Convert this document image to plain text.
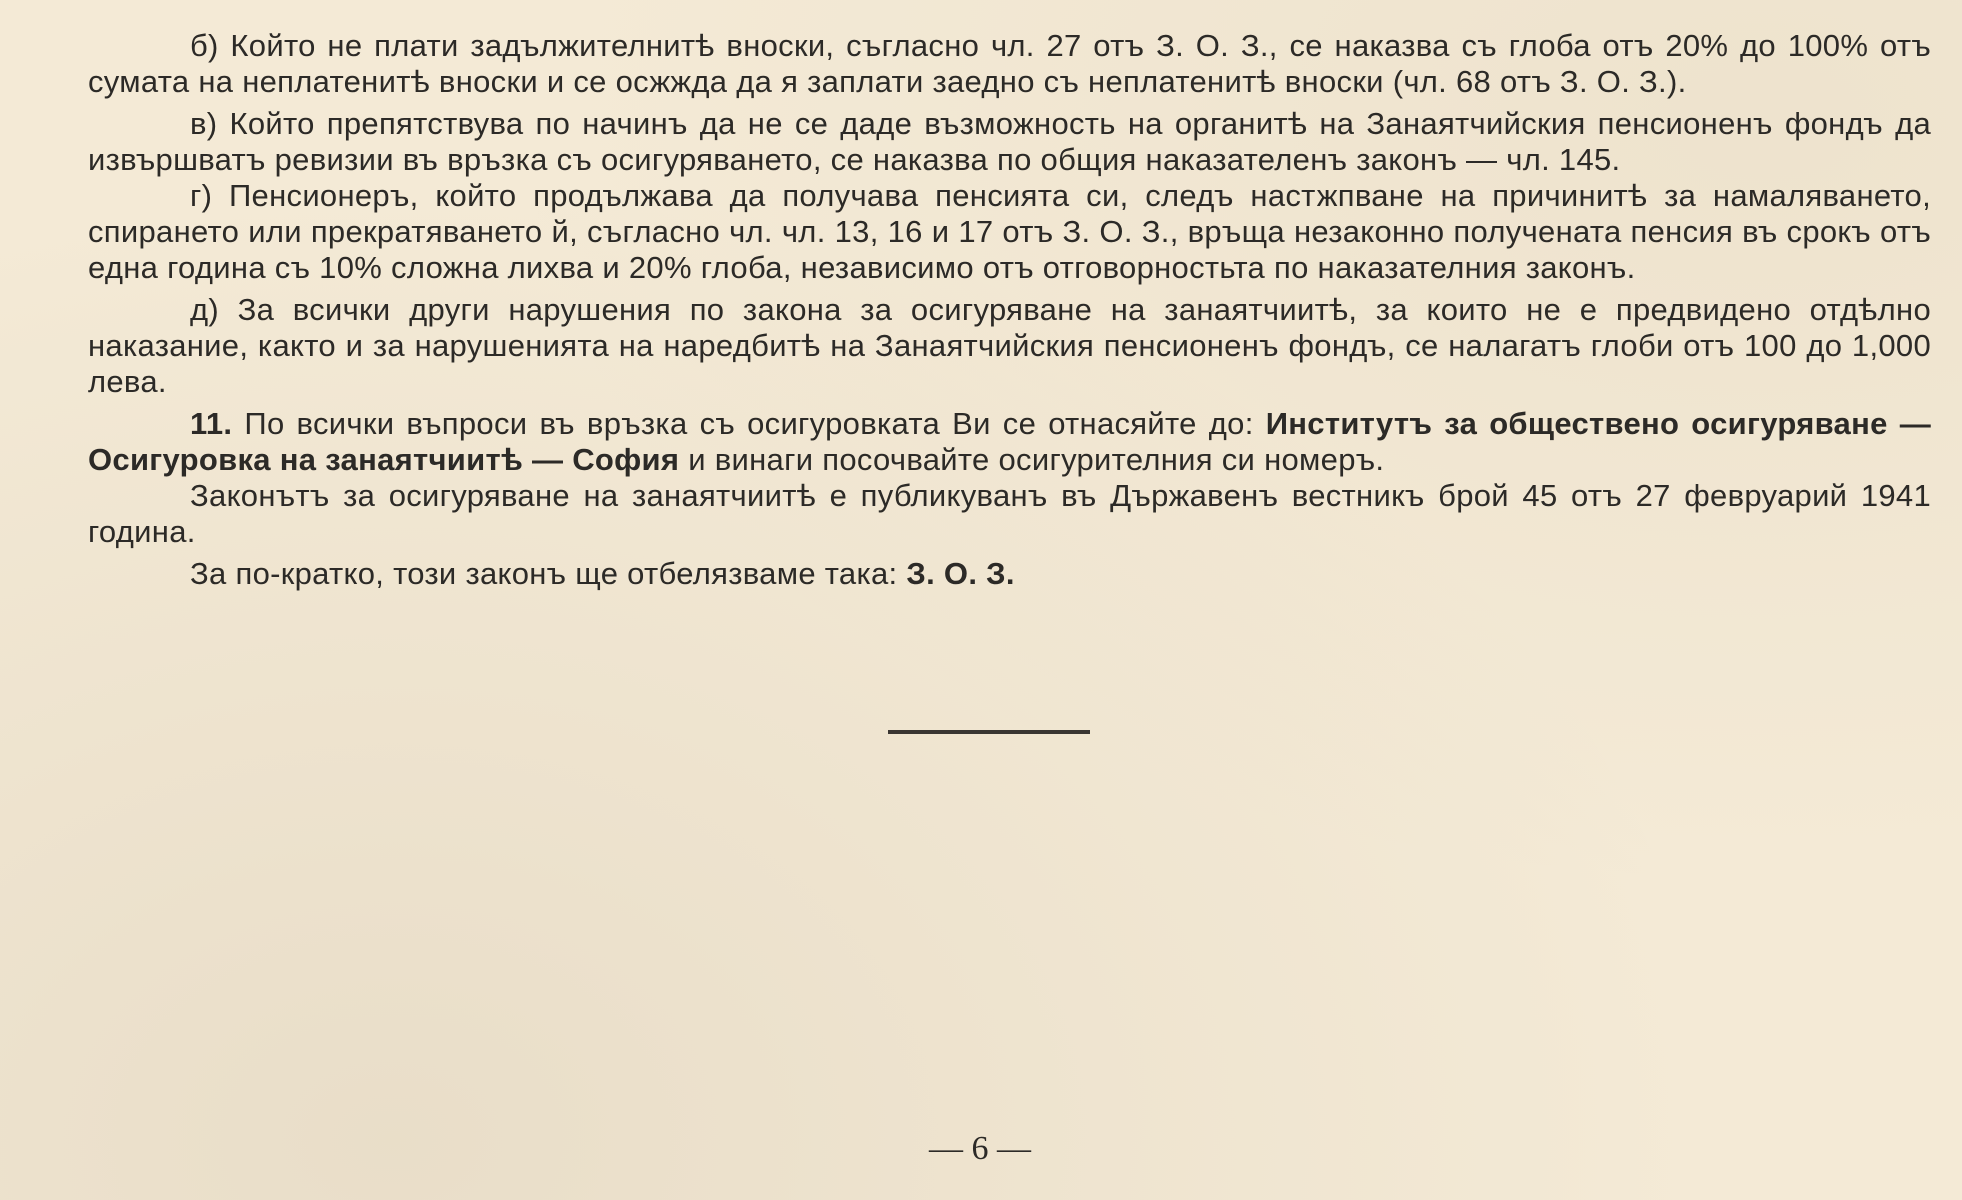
б) Който не плати задължителнитѣ вноски, съгласно чл. 27 отъ З. О. З., се наказва съ глоба отъ 20% до 100% отъ сумата на неплатенитѣ вноски и се осжжда да я заплати заедно съ неплатенитѣ вноски (чл. 68 отъ З. О. З.).

в) Който препятствува по начинъ да не се даде възможность на органитѣ на Занаятчийския пенсионенъ фондъ да извършватъ ревизии въ връзка съ осигуряването, се наказва по общия наказателенъ законъ — чл. 145.

г) Пенсионеръ, който продължава да получава пенсията си, следъ настжпване на причинитѣ за намаляването, спирането или прекратяването й, съгласно чл. чл. 13, 16 и 17 отъ З. О. З., връща незаконно получената пенсия въ срокъ отъ една година съ 10% сложна лихва и 20% глоба, независимо отъ отговорностьта по наказателния законъ.

д) За всички други нарушения по закона за осигуряване на занаятчиитѣ, за които не е предвидено отдѣлно наказание, както и за нарушенията на наредбитѣ на Занаятчийския пенсионенъ фондъ, се налагатъ глоби отъ 100 до 1,000 лева.

11. По всички въпроси въ връзка съ осигуровката Ви се отнасяйте до: Институтъ за обществено осигуряване — Осигуровка на занаятчиитѣ — София и винаги посочвайте осигурителния си номеръ.

Законътъ за осигуряване на занаятчиитѣ е публикуванъ въ Държавенъ вестникъ брой 45 отъ 27 февруарий 1941 година.

За по-кратко, този законъ ще отбелязваме така: З. О. З.

— 6 —
